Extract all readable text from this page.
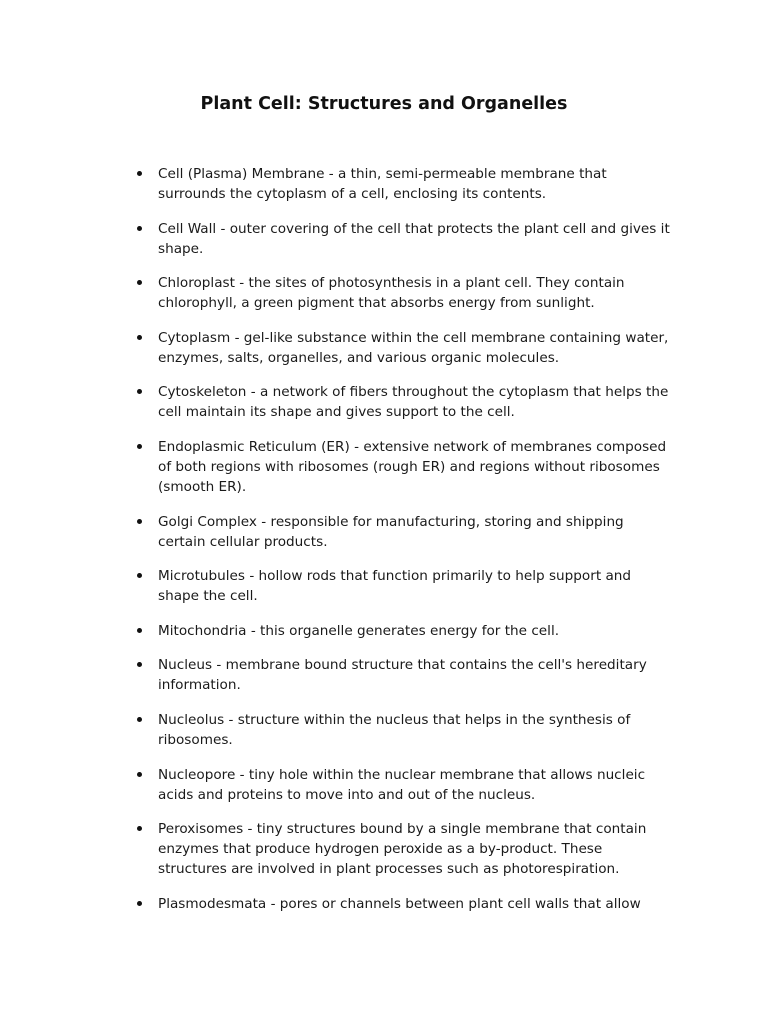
Plant Cell: Structures and Organelles
Cell (Plasma) Membrane - a thin, semi-permeable membrane that surrounds the cytoplasm of a cell, enclosing its contents.
Cell Wall - outer covering of the cell that protects the plant cell and gives it shape.
Chloroplast - the sites of photosynthesis in a plant cell. They contain chlorophyll, a green pigment that absorbs energy from sunlight.
Cytoplasm - gel-like substance within the cell membrane containing water, enzymes, salts, organelles, and various organic molecules.
Cytoskeleton - a network of fibers throughout the cytoplasm that helps the cell maintain its shape and gives support to the cell.
Endoplasmic Reticulum (ER) - extensive network of membranes composed of both regions with ribosomes (rough ER) and regions without ribosomes (smooth ER).
Golgi Complex - responsible for manufacturing, storing and shipping certain cellular products.
Microtubules - hollow rods that function primarily to help support and shape the cell.
Mitochondria - this organelle generates energy for the cell.
Nucleus - membrane bound structure that contains the cell's hereditary information.
Nucleolus - structure within the nucleus that helps in the synthesis of ribosomes.
Nucleopore - tiny hole within the nuclear membrane that allows nucleic acids and proteins to move into and out of the nucleus.
Peroxisomes - tiny structures bound by a single membrane that contain enzymes that produce hydrogen peroxide as a by-product. These structures are involved in plant processes such as photorespiration.
Plasmodesmata - pores or channels between plant cell walls that allow
